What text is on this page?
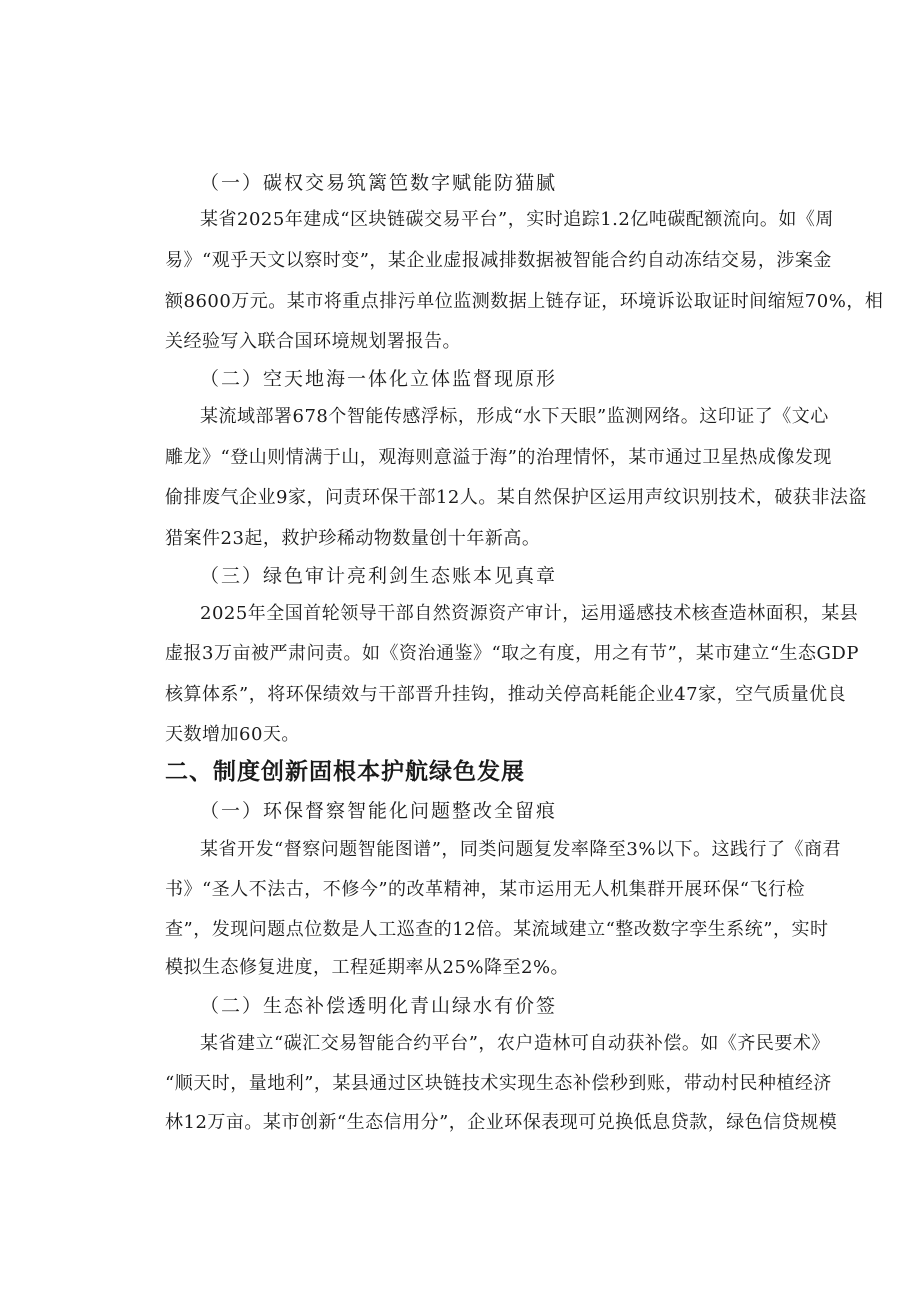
（一）碳权交易筑篱笆数字赋能防猫腻
某省2025年建成“区块链碳交易平台”，实时追踪1.2亿吨碳配额流向。如《周
易》“观乎天文以察时变”，某企业虚报减排数据被智能合约自动冻结交易，涉案金
额8600万元。某市将重点排污单位监测数据上链存证，环境诉讼取证时间缩短70%，相
关经验写入联合国环境规划署报告。
（二）空天地海一体化立体监督现原形
某流域部署678个智能传感浮标，形成“水下天眼”监测网络。这印证了《文心
雕龙》“登山则情满于山，观海则意溢于海”的治理情怀，某市通过卫星热成像发现
偷排废气企业9家，问责环保干部12人。某自然保护区运用声纹识别技术，破获非法盗
猎案件23起，救护珍稀动物数量创十年新高。
（三）绿色审计亮利剑生态账本见真章
2025年全国首轮领导干部自然资源资产审计，运用遥感技术核查造林面积，某县
虚报3万亩被严肃问责。如《资治通鉴》“取之有度，用之有节”，某市建立“生态GDP
核算体系”，将环保绩效与干部晋升挂钩，推动关停高耗能企业47家，空气质量优良
天数增加60天。
二、制度创新固根本护航绿色发展
（一）环保督察智能化问题整改全留痕
某省开发“督察问题智能图谱”，同类问题复发率降至3%以下。这践行了《商君
书》“圣人不法古，不修今”的改革精神，某市运用无人机集群开展环保“飞行检
查”，发现问题点位数是人工巡查的12倍。某流域建立“整改数字孪生系统”，实时
模拟生态修复进度，工程延期率从25%降至2%。
（二）生态补偿透明化青山绿水有价签
某省建立“碳汇交易智能合约平台”，农户造林可自动获补偿。如《齐民要术》
“顺天时，量地利”，某县通过区块链技术实现生态补偿秒到账，带动村民种植经济
林12万亩。某市创新“生态信用分”，企业环保表现可兑换低息贷款，绿色信贷规模
